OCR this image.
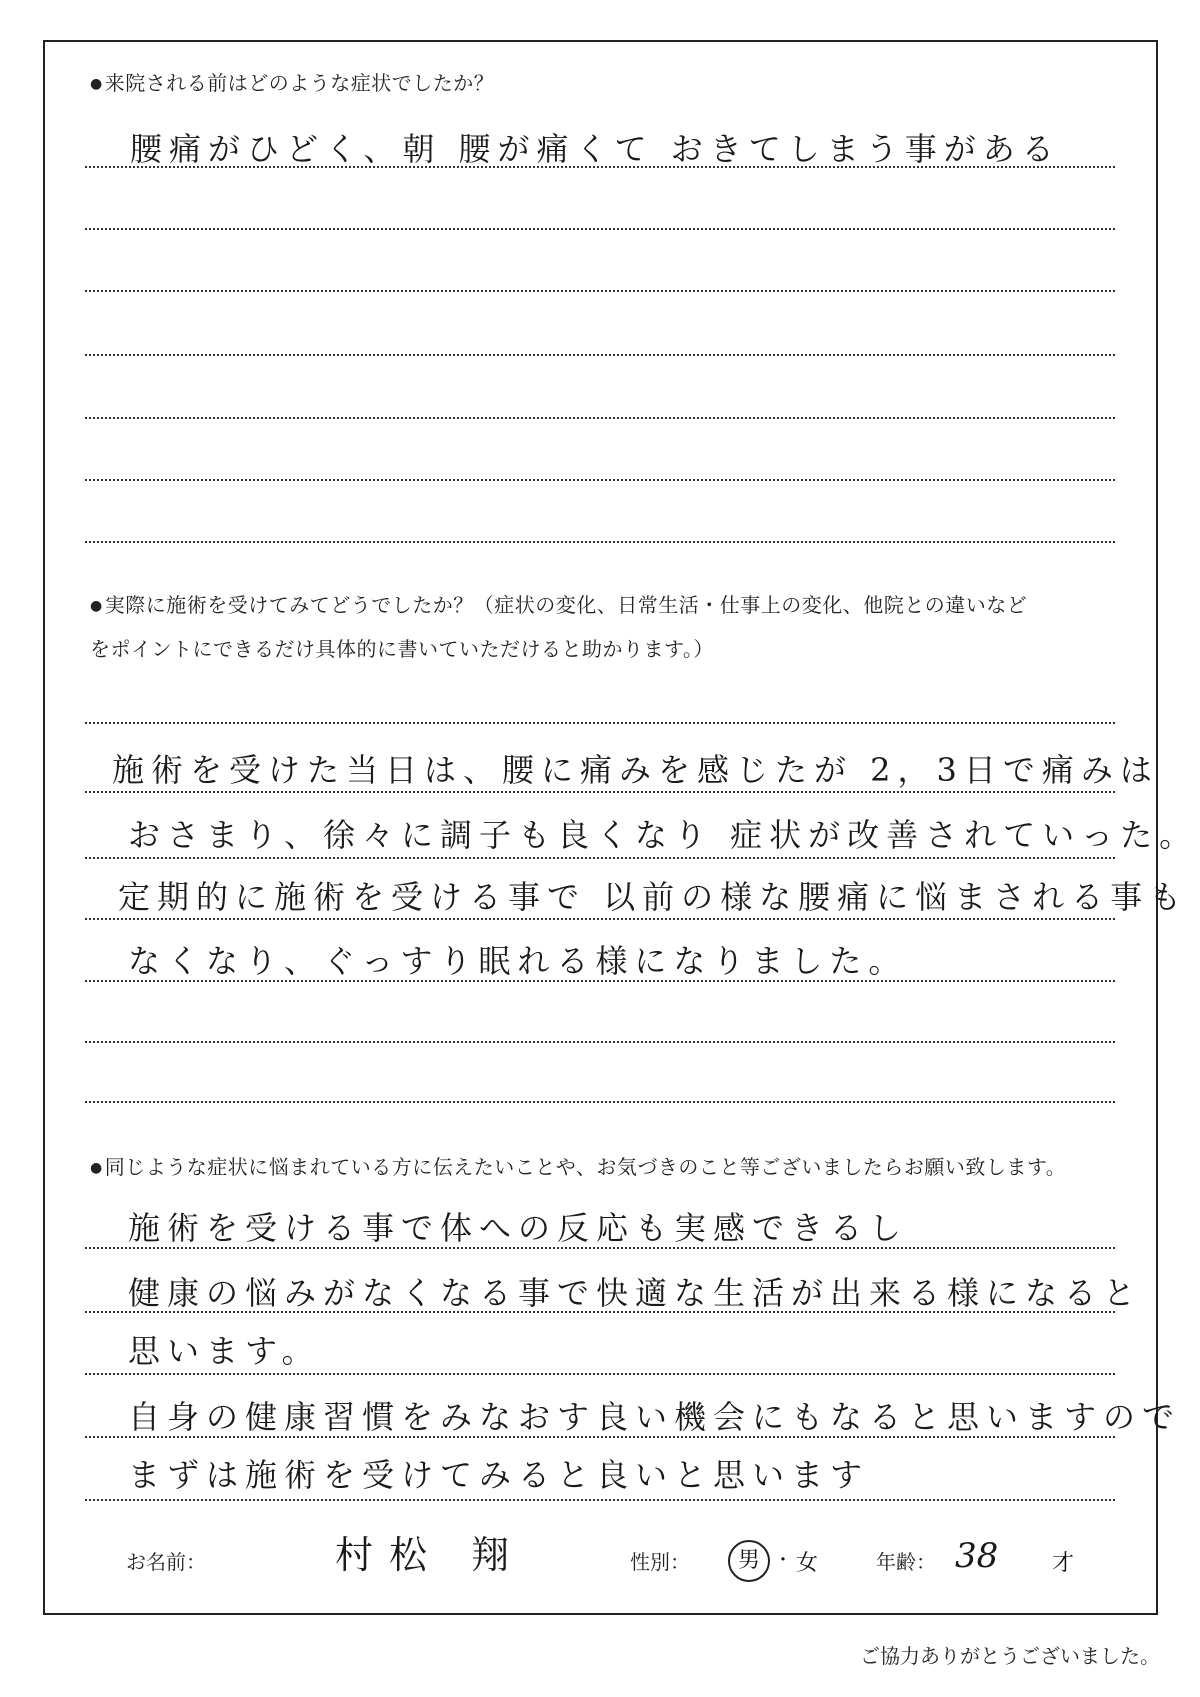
● 来院される前はどのような症状でしたか？
腰痛がひどく、朝 腰が痛くて おきてしまう事がある
● 実際に施術を受けてみてどうでしたか？（症状の変化、日常生活・仕事上の変化、他院との違いなど
をポイントにできるだけ具体的に書いていただけると助かります。）
施術を受けた当日は、腰に痛みを感じたが 2，3日で痛みは
おさまり、徐々に調子も良くなり 症状が改善されていった。
定期的に施術を受ける事で 以前の様な腰痛に悩まされる事も
なくなり、ぐっすり眠れる様になりました。
● 同じような症状に悩まれている方に伝えたいことや、お気づきのこと等ございましたらお願い致します。
施術を受ける事で体への反応も実感できるし
健康の悩みがなくなる事で快適な生活が出来る様になると
思います。
自身の健康習慣をみなおす良い機会にもなると思いますので
まずは施術を受けてみると良いと思います
お名前：	村松 翔	性別：	男 ・ 女	年齢： 38 才
ご協力ありがとうございました。
